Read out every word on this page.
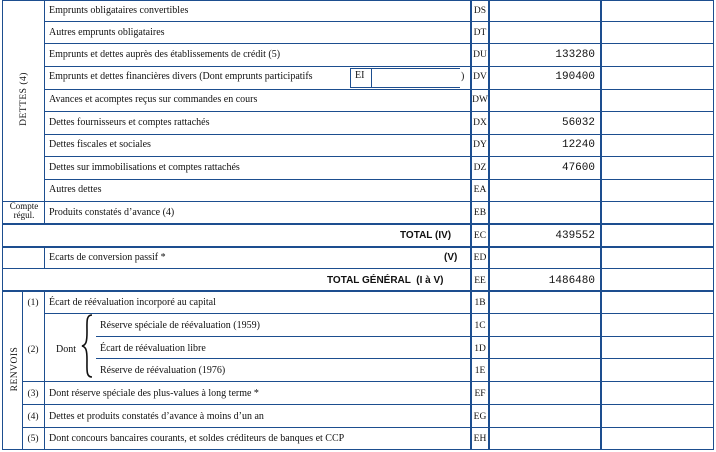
DETTES (4)
RENVOIS
Compte
régul.
Emprunts obligataires convertibles	DS
Autres emprunts obligataires	DT
Emprunts et dettes auprès des établissements de crédit (5)	DU	133280
Emprunts et dettes financières divers (Dont emprunts participatifs	EI	) DV	190400
Avances et acomptes reçus sur commandes en cours	DW
Dettes fournisseurs et comptes rattachés	DX	56032
Dettes fiscales et sociales	DY	12240
Dettes sur immobilisations et comptes rattachés	DZ	47600
Autres dettes	EA
Produits constatés d’avance (4)	EB
TOTAL (IV)	EC	439552
Ecarts de conversion passif *	(V)	ED
TOTAL GÉNÉRAL  (I à V)	EE	1486480
(1)	Écart de réévaluation incorporé au capital	1B
(2)	Dont
Réserve spéciale de réévaluation (1959)	1C
Écart de réévaluation libre	1D
Réserve de réévaluation (1976)	1E
(3)	Dont réserve spéciale des plus-values à long terme *	EF
(4)	Dettes et produits constatés d’avance à moins d’un an	EG
(5)	Dont concours bancaires courants, et soldes créditeurs de banques et CCP	EH
